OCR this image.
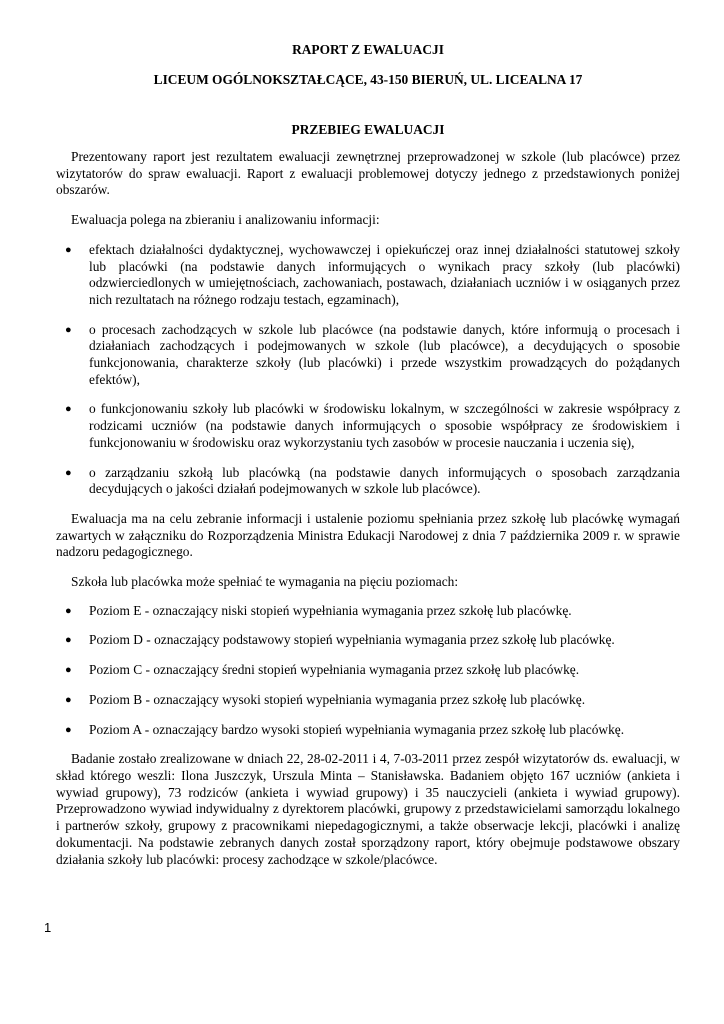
RAPORT Z EWALUACJI
LICEUM OGÓLNOKSZTAŁCĄCE, 43-150 BIERUŃ, UL. LICEALNA 17
PRZEBIEG EWALUACJI

Prezentowany raport jest rezultatem ewaluacji zewnętrznej przeprowadzonej w szkole (lub placówce) przez wizytatorów do spraw ewaluacji. Raport z ewaluacji problemowej dotyczy jednego z przedstawionych poniżej obszarów.

Ewaluacja polega na zbieraniu i analizowaniu informacji:

● efektach działalności dydaktycznej, wychowawczej i opiekuńczej oraz innej działalności statutowej szkoły lub placówki (na podstawie danych informujących o wynikach pracy szkoły (lub placówki) odzwierciedlonych w umiejętnościach, zachowaniach, postawach, działaniach uczniów i w osiąganych przez nich rezultatach na różnego rodzaju testach, egzaminach),
● o procesach zachodzących w szkole lub placówce (na podstawie danych, które informują o procesach i działaniach zachodzących i podejmowanych w szkole (lub placówce), a decydujących o sposobie funkcjonowania, charakterze szkoły (lub placówki) i przede wszystkim prowadzących do pożądanych efektów),
● o funkcjonowaniu szkoły lub placówki w środowisku lokalnym, w szczególności w zakresie współpracy z rodzicami uczniów (na podstawie danych informujących o sposobie współpracy ze środowiskiem i funkcjonowaniu w środowisku oraz wykorzystaniu tych zasobów w procesie nauczania i uczenia się),
● o zarządzaniu szkołą lub placówką (na podstawie danych informujących o sposobach zarządzania decydujących o jakości działań podejmowanych w szkole lub placówce).

Ewaluacja ma na celu zebranie informacji i ustalenie poziomu spełniania przez szkołę lub placówkę wymagań zawartych w załączniku do Rozporządzenia Ministra Edukacji Narodowej z dnia 7 października 2009 r. w sprawie nadzoru pedagogicznego.

Szkoła lub placówka może spełniać te wymagania na pięciu poziomach:

● Poziom E - oznaczający niski stopień wypełniania wymagania przez szkołę lub placówkę.
● Poziom D - oznaczający podstawowy stopień wypełniania wymagania przez szkołę lub placówkę.
● Poziom C - oznaczający średni stopień wypełniania wymagania przez szkołę lub placówkę.
● Poziom B - oznaczający wysoki stopień wypełniania wymagania przez szkołę lub placówkę.
● Poziom A - oznaczający bardzo wysoki stopień wypełniania wymagania przez szkołę lub placówkę.

Badanie zostało zrealizowane w dniach 22, 28-02-2011 i 4, 7-03-2011 przez zespół wizytatorów ds. ewaluacji, w skład którego weszli: Ilona Juszczyk, Urszula Minta – Stanisławska. Badaniem objęto 167 uczniów (ankieta i wywiad grupowy), 73 rodziców (ankieta i wywiad grupowy) i 35 nauczycieli (ankieta i wywiad grupowy). Przeprowadzono wywiad indywidualny z dyrektorem placówki, grupowy z przedstawicielami samorządu lokalnego i partnerów szkoły, grupowy z pracownikami niepedagogicznymi, a także obserwacje lekcji, placówki i analizę dokumentacji. Na podstawie zebranych danych został sporządzony raport, który obejmuje podstawowe obszary działania szkoły lub placówki: procesy zachodzące w szkole/placówce.

1
